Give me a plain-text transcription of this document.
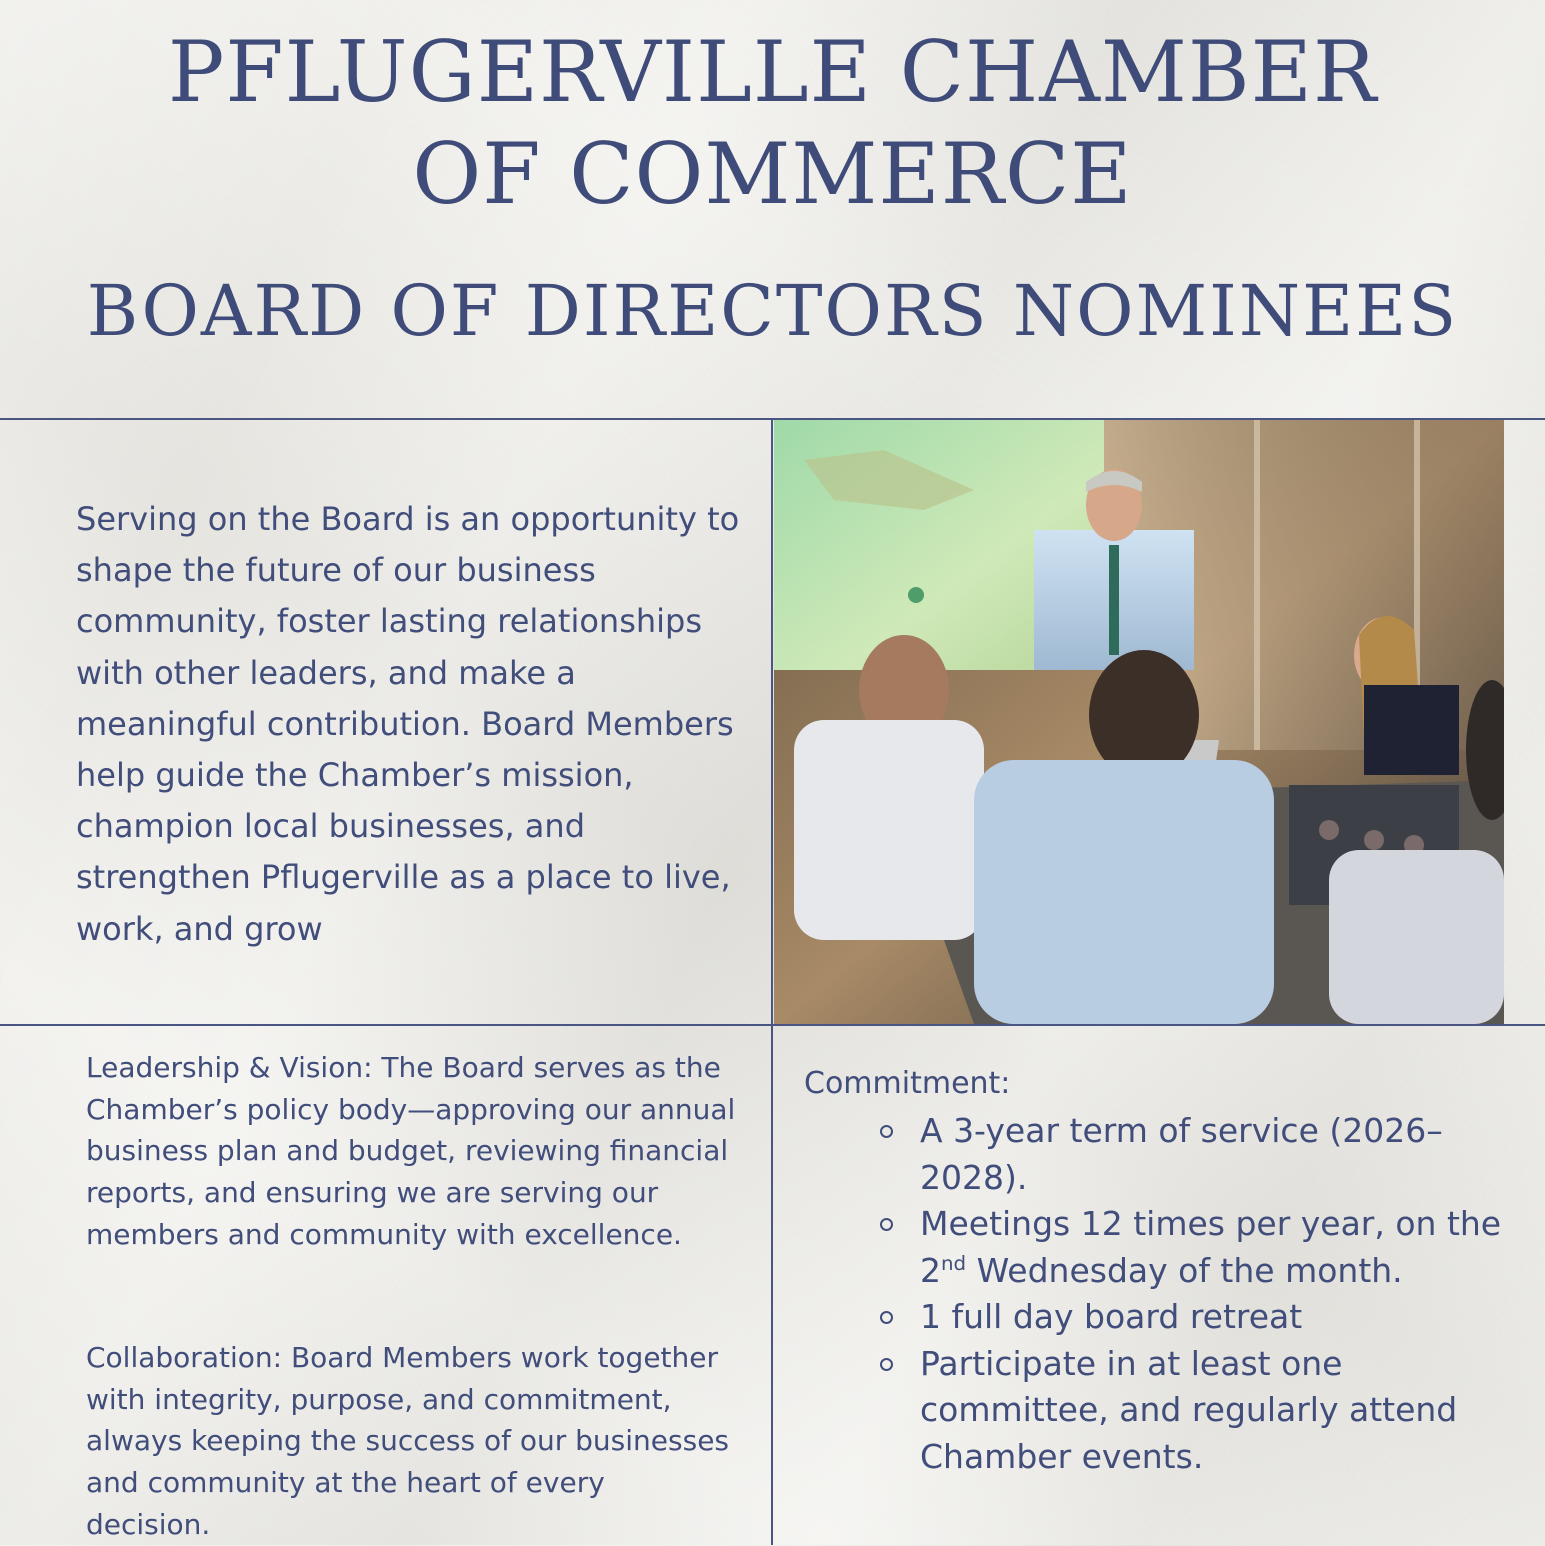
PFLUGERVILLE CHAMBER
OF COMMERCE
BOARD OF DIRECTORS NOMINEES

Serving on the Board is an opportunity to shape the future of our business community, foster lasting relationships with other leaders, and make a meaningful contribution. Board Members help guide the Chamber’s mission, champion local businesses, and strengthen Pflugerville as a place to live, work, and grow

Leadership & Vision: The Board serves as the Chamber’s policy body—approving our annual business plan and budget, reviewing financial reports, and ensuring we are serving our members and community with excellence.

Collaboration: Board Members work together with integrity, purpose, and commitment, always keeping the success of our businesses and community at the heart of every decision.

Commitment:

A 3-year term of service (2026–2028).
Meetings 12 times per year, on the 2nd Wednesday of the month.
1 full day board retreat
Participate in at least one committee, and regularly attend Chamber events.
